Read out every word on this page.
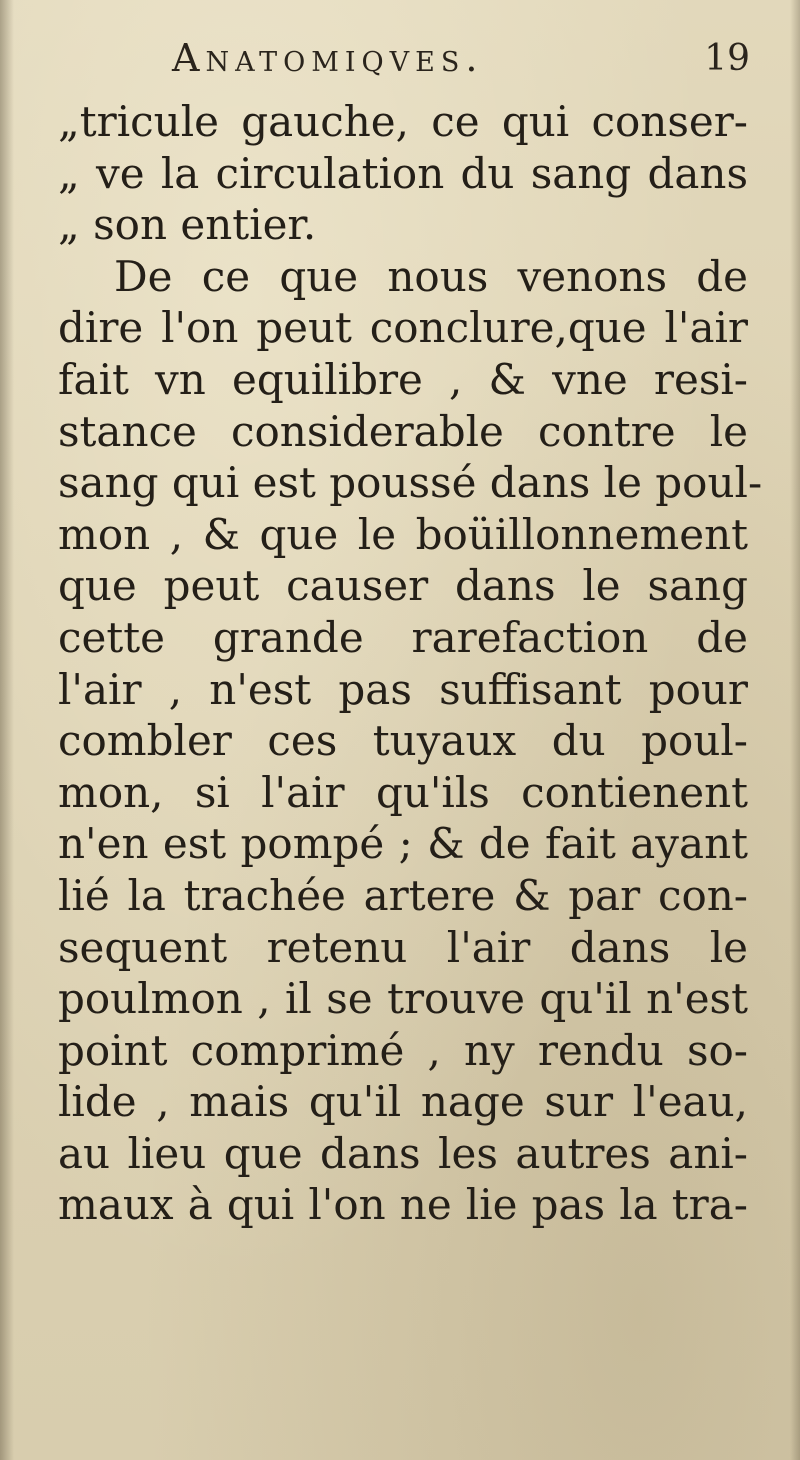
Anatomiqves.	19
„tricule gauche, ce qui conser-
„ ve la circulation du sang dans
„ son entier.
De ce que nous venons de
dire l'on peut conclure,que l'air
fait vn equilibre , & vne resi-
stance considerable contre le
sang qui est poussé dans le poul-
mon , & que le boüillonnement
que peut causer dans le sang
cette grande rarefaction de
l'air , n'est pas suffisant pour
combler ces tuyaux du poul-
mon, si l'air qu'ils contienent
n'en est pompé ; & de fait ayant
lié la trachée artere & par con-
sequent retenu l'air dans le
poulmon , il se trouve qu'il n'est
point comprimé , ny rendu so-
lide , mais qu'il nage sur l'eau,
au lieu que dans les autres ani-
maux à qui l'on ne lie pas la tra-
